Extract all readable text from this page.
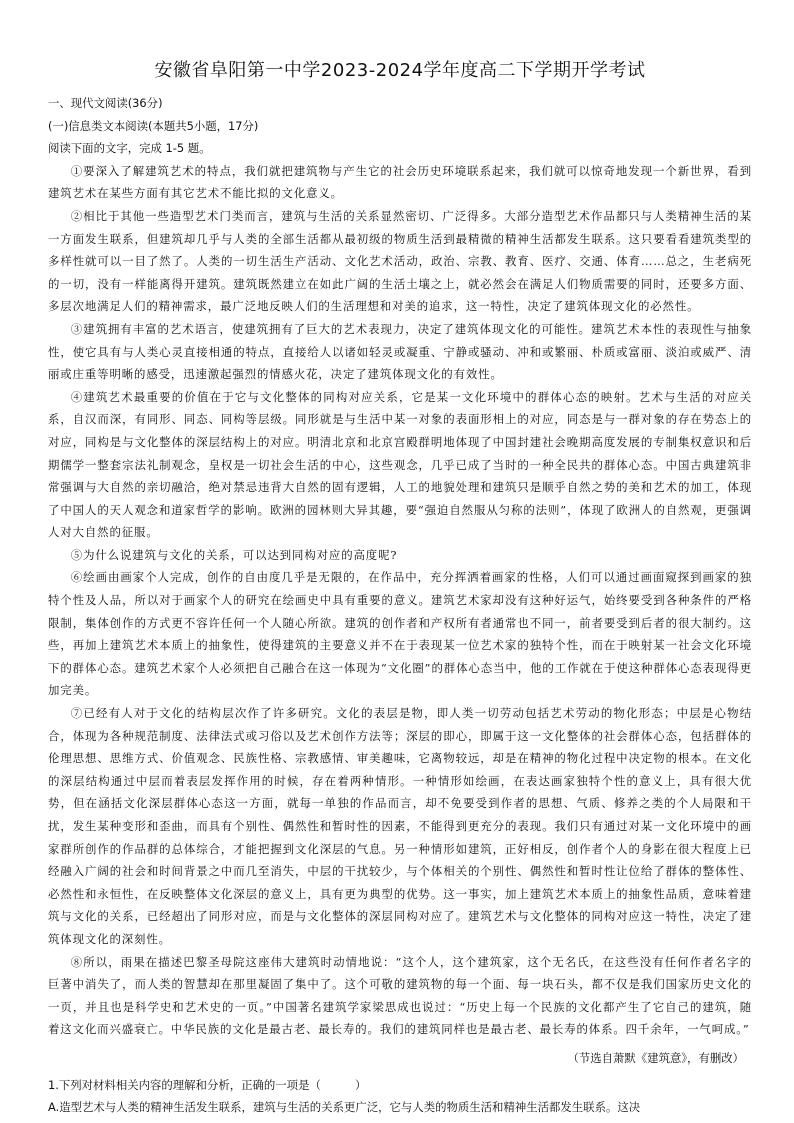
安徽省阜阳第一中学2023-2024学年度高二下学期开学考试
一、现代文阅读(36分)
(一)信息类文本阅读(本题共5小题，17分)
阅读下面的文字，完成 1-5 题。

①要深入了解建筑艺术的特点，我们就把建筑物与产生它的社会历史环境联系起来，我们就可以惊奇地发现一个新世界，看到建筑艺术在某些方面有其它艺术不能比拟的文化意义。

②相比于其他一些造型艺术门类而言，建筑与生活的关系显然密切、广泛得多。大部分造型艺术作品都只与人类精神生活的某一方面发生联系，但建筑却几乎与人类的全部生活都从最初级的物质生活到最精微的精神生活都发生联系。这只要看看建筑类型的多样性就可以一目了然了。人类的一切生活生产活动、文化艺术活动，政治、宗教、教育、医疗、交通、体育……总之，生老病死的一切，没有一样能离得开建筑。建筑既然建立在如此广阔的生活土壤之上，就必然会在满足人们物质需要的同时，还要多方面、多层次地满足人们的精神需求，最广泛地反映人们的生活理想和对美的追求，这一特性，决定了建筑体现文化的必然性。

③建筑拥有丰富的艺术语言，使建筑拥有了巨大的艺术表现力，决定了建筑体现文化的可能性。建筑艺术本性的表现性与抽象性，使它具有与人类心灵直接相通的特点，直接给人以诸如轻灵或凝重、宁静或骚动、冲和或繁丽、朴质或富丽、淡泊或威严、清丽或庄重等明晰的感受，迅速激起强烈的情感火花，决定了建筑体现文化的有效性。

④建筑艺术最重要的价值在于它与文化整体的同构对应关系，它是某一文化环境中的群体心态的映射。艺术与生活的对应关系，自汉而深，有同形、同态、同构等层级。同形就是与生活中某一对象的表面形相上的对应，同态是与一群对象的存在势态上的对应，同构是与文化整体的深层结构上的对应。明清北京和北京宫殿群明地体现了中国封建社会晚期高度发展的专制集权意识和后期儒学一整套宗法礼制观念，皇权是一切社会生活的中心，这些观念，几乎已成了当时的一种全民共的群体心态。中国古典建筑非常强调与大自然的亲切融洽，绝对禁忌违背大自然的固有逻辑，人工的地貌处理和建筑只是顺乎自然之势的美和艺术的加工，体现了中国人的天人观念和道家哲学的影响。欧洲的园林则大异其趣，要“强迫自然服从匀称的法则”，体现了欧洲人的自然观，更强调人对大自然的征服。

⑤为什么说建筑与文化的关系，可以达到同构对应的高度呢?

⑥绘画由画家个人完成，创作的自由度几乎是无限的，在作品中，充分挥洒着画家的性格，人们可以通过画面窥探到画家的独特个性及人品，所以对于画家个人的研究在绘画史中具有重要的意义。建筑艺术家却没有这种好运气，始终要受到各种条件的严格限制，集体创作的方式更不容许任何一个人随心所欲。建筑的创作者和产权所有者通常也不同一，前者要受到后者的很大制约。这些，再加上建筑艺术本质上的抽象性，使得建筑的主要意义并不在于表现某一位艺术家的独特个性，而在于映射某一社会文化环境下的群体心态。建筑艺术家个人必须把自己融合在这一体现为“文化圈”的群体心态当中，他的工作就在于使这种群体心态表现得更加完美。

⑦已经有人对于文化的结构层次作了许多研究。文化的表层是物，即人类一切劳动包括艺术劳动的物化形态；中层是心物结合，体现为各种规范制度、法律法式或习俗以及艺术创作方法等；深层的即心，即属于这一文化整体的社会群体心态，包括群体的伦理思想、思维方式、价值观念、民族性格、宗教感情、审美趣味，它离物较远，却是在精神的物化过程中决定物的根本。在文化的深层结构通过中层而着表层发挥作用的时候，存在着两种情形。一种情形如绘画，在表达画家独特个性的意义上，具有很大优势，但在涵括文化深层群体心态这一方面，就每一单独的作品而言，却不免要受到作者的思想、气质、修养之类的个人局限和干扰，发生某种变形和歪曲，而具有个别性、偶然性和暂时性的因素，不能得到更充分的表现。我们只有通过对某一文化环境中的画家群所创作的作品群的总体综合，才能把握到文化深层的气息。另一种情形如建筑，正好相反，创作者个人的身影在很大程度上已经融入广阔的社会和时间背景之中而几至消失，中层的干扰较少，与个体相关的个别性、偶然性和暂时性让位给了群体的整体性、必然性和永恒性，在反映整体文化深层的意义上，具有更为典型的优势。这一事实，加上建筑艺术本质上的抽象性品质，意味着建筑与文化的关系，已经超出了同形对应，而是与文化整体的深层同构对应了。建筑艺术与文化整体的同构对应这一特性，决定了建筑体现文化的深刻性。

⑧所以，雨果在描述巴黎圣母院这座伟大建筑时动情地说：“这个人，这个建筑家，这个无名氏，在这些没有任何作者名字的巨著中消失了，而人类的智慧却在那里凝固了集中了。这个可敬的建筑物的每一个面、每一块石头，都不仅是我们国家历史文化的一页，并且也是科学史和艺术史的一页。”中国著名建筑学家梁思成也说过：“历史上每一个民族的文化都产生了它自己的建筑，随着这文化而兴盛衰亡。中华民族的文化是最古老、最长寿的。我们的建筑同样也是最古老、最长寿的体系。四千余年，一气呵成。”

（节选自萧默《建筑意》，有删改）
1.下列对材料相关内容的理解和分析，正确的一项是（　　　）
A.造型艺术与人类的精神生活发生联系，建筑与生活的关系更广泛，它与人类的物质生活和精神生活都发生联系。这决
